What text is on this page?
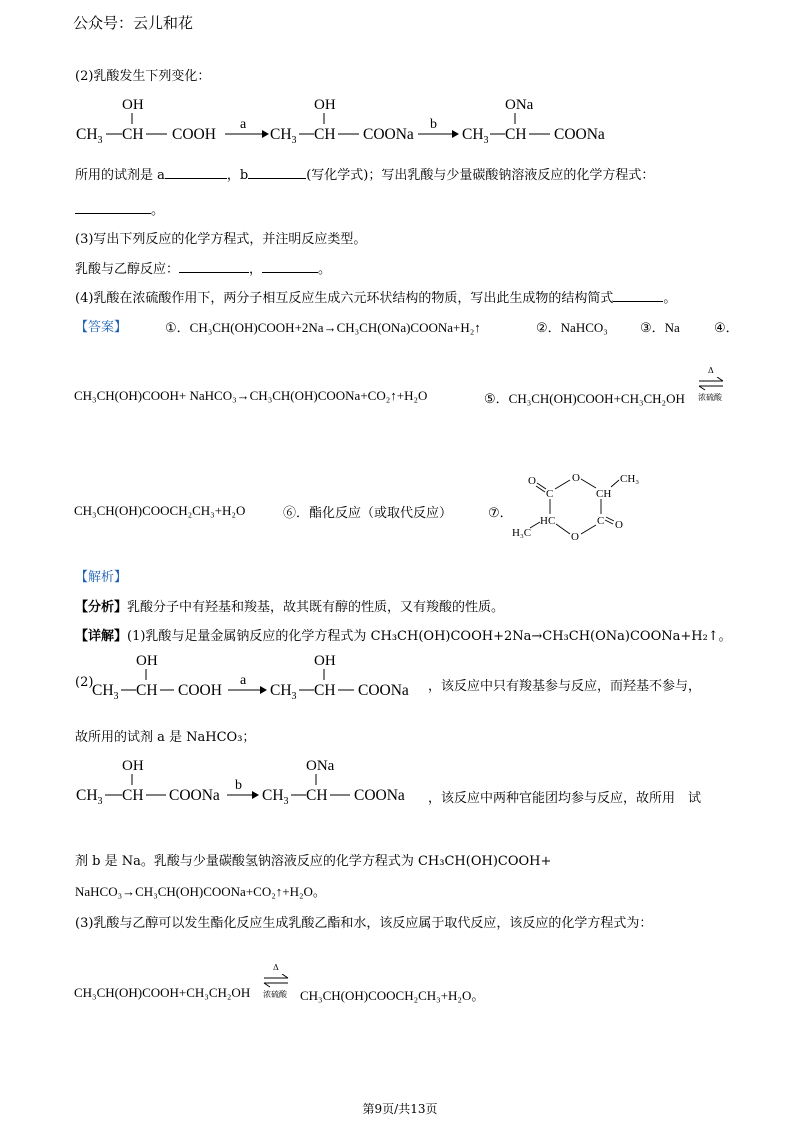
公众号：云儿和花
(2)乳酸发生下列变化：
OH
$CH_3$ CH COOH
a
OH
$CH_3$ CH COONa
b
ONa
$CH_3$ CH COONa
所用的试剂是 a	，b	(写化学式)；写出乳酸与少量碳酸钠溶液反应的化学方程式：
。
(3)写出下列反应的化学方程式，并注明反应类型。
乳酸与乙醇反应：	，	。
(4)乳酸在浓硫酸作用下，两分子相互反应生成六元环状结构的物质，写出此生成物的结构简式	。
【答案】	①．CH₃CH(OH)COOH+2Na→CH₃CH(ONa)COONa+H₂↑	②．NaHCO₃ ③．Na	④．
CH₃CH(OH)COOH+ NaHCO₃→CH₃CH(OH)COONa+CO₂↑+H₂O	⑤．CH₃CH(OH)COOH+CH₃CH₂OH
Δ
浓硫酸
CH₃CH(OH)COOCH₂CH₃+H₂O	⑥．酯化反应（或取代反应）	⑦．
O
C
O
CH
CH₃
HC
H₃C
C O
O
【解析】
【分析】乳酸分子中有羟基和羧基，故其既有醇的性质，又有羧酸的性质。
【详解】(1)乳酸与足量金属钠反应的化学方程式为 CH₃CH(OH)COOH+2Na→CH₃CH(ONa)COONa+H₂↑。
(2)
OH
$CH_3$ CH COOH
a
OH
$CH_3$ CH COONa ，该反应中只有羧基参与反应，而羟基不参与，
故所用的试剂 a 是 NaHCO₃；
OH
$CH_3$ CH COONa
b
ONa
$CH_3$ CH COONa ，该反应中两种官能团均参与反应，故所用　试
剂 b 是 Na。乳酸与少量碳酸氢钠溶液反应的化学方程式为 CH₃CH(OH)COOH+
NaHCO₃→CH₃CH(OH)COONa+CO₂↑+H₂O。
(3)乳酸与乙醇可以发生酯化反应生成乳酸乙酯和水，该反应属于取代反应，该反应的化学方程式为：
CH₃CH(OH)COOH+CH₃CH₂OH
Δ
浓硫酸 CH₃CH(OH)COOCH₂CH₃+H₂O。
第9页/共13页
